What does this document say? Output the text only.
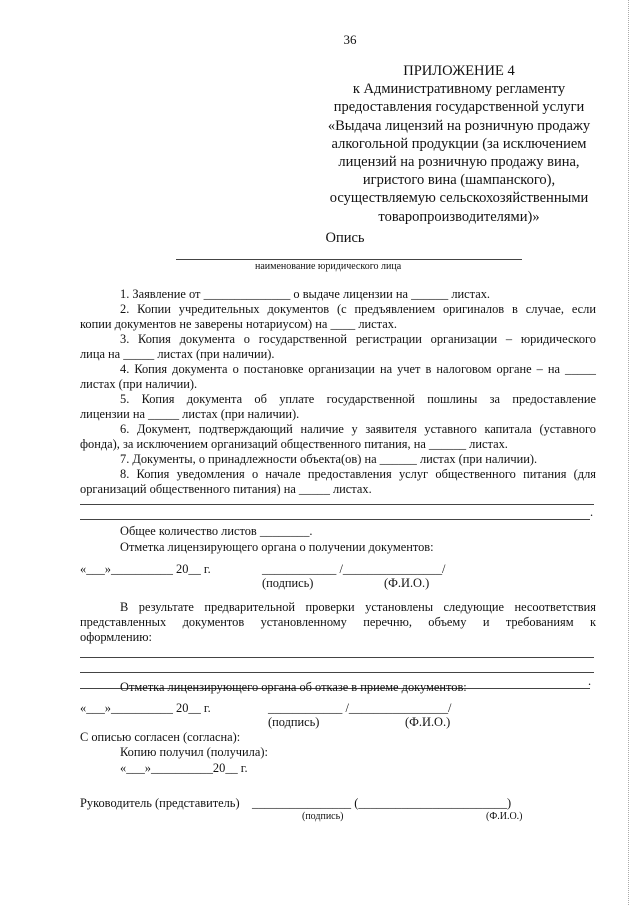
36
ПРИЛОЖЕНИЕ 4
к Административному регламенту
предоставления государственной услуги
«Выдача лицензий на розничную продажу
алкогольной продукции (за исключением
лицензий на розничную продажу вина,
игристого вина (шампанского),
осуществляемую сельскохозяйственными
товаропроизводителями)»
Опись
наименование юридического лица
1. Заявление от ______________ о выдаче лицензии на ______ листах.
2. Копии учредительных документов (с предъявлением оригиналов в случае, если
копии документов не заверены нотариусом) на ____ листах.
3. Копия документа о государственной регистрации организации – юридического
лица на _____ листах (при наличии).
4. Копия документа о постановке организации на учет в налоговом органе – на _____
листах (при наличии).
5. Копия документа об уплате государственной пошлины за предоставление
лицензии на _____ листах (при наличии).
6. Документ, подтверждающий наличие у заявителя уставного капитала (уставного
фонда), за исключением организаций общественного питания, на ______ листах.
7. Документы, о принадлежности объекта(ов) на ______ листах (при наличии).
8. Копия уведомления о начале предоставления услуг общественного питания (для
организаций общественного питания) на _____ листах.
.
Общее количество листов ________.
Отметка лицензирующего органа о получении документов:
«___»__________ 20__ г.	____________ /________________/
(подпись)	(Ф.И.О.)
В результате предварительной проверки установлены следующие несоответствия
представленных документов установленному перечню, объему и требованиям к
оформлению:
.
Отметка лицензирующего органа об отказе в приеме документов:
«___»__________ 20__ г.	____________ /________________/
(подпись)	(Ф.И.О.)
С описью согласен (согласна):
Копию получил (получила):
«___»__________20__ г.
Руководитель (представитель) ________________ (________________________)
(подпись)	(Ф.И.О.)
